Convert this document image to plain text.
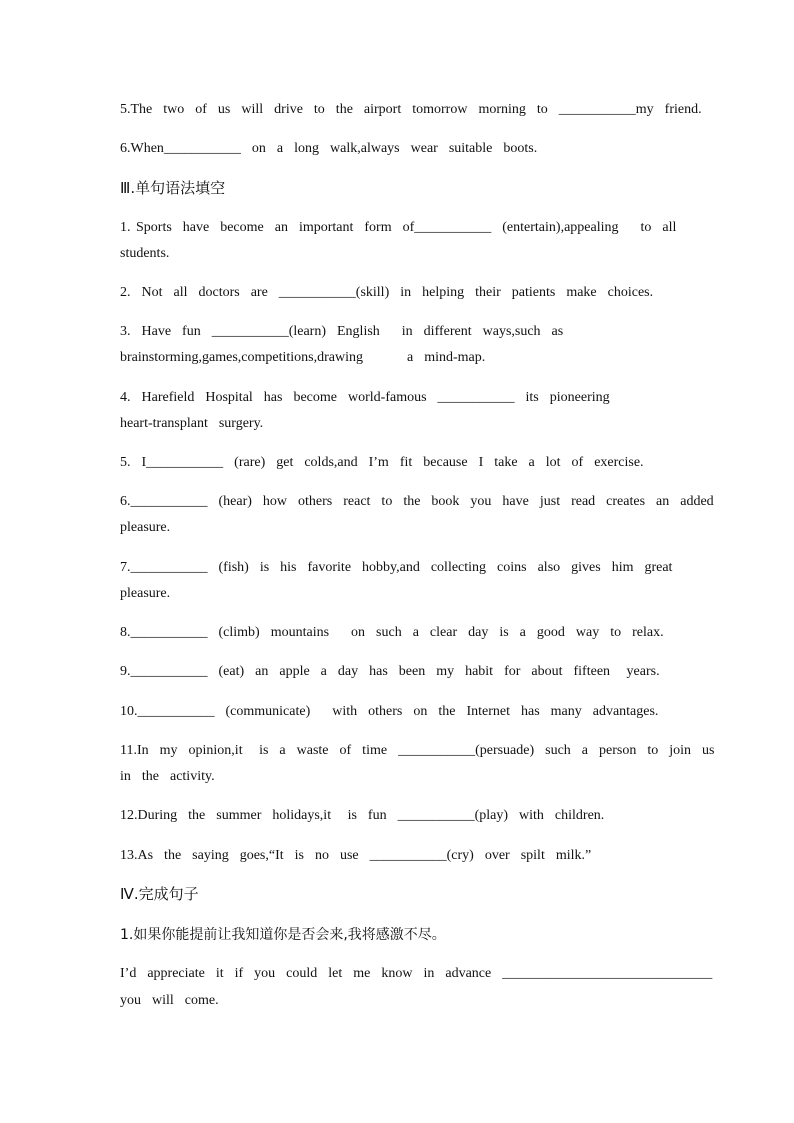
5.The  two  of  us  will  drive  to  the  airport  tomorrow  morning  to  ___________my  friend.
6.When___________  on  a  long  walk,always  wear  suitable  boots.
Ⅲ.单句语法填空
1. Sports  have  become  an  important  form  of___________  (entertain),appealing    to  all
students.
2.  Not  all  doctors  are  ___________(skill)  in  helping  their  patients  make  choices.
3.  Have  fun  ___________(learn)  English    in  different  ways,such  as
brainstorming,games,competitions,drawing        a  mind-map.
4.  Harefield  Hospital  has  become  world-famous  ___________  its  pioneering
heart-transplant  surgery.
5.  I___________  (rare)  get  colds,and  I’m  fit  because  I  take  a  lot  of  exercise.
6.___________  (hear)  how  others  react  to  the  book  you  have  just  read  creates  an  added
pleasure.
7.___________  (fish)  is  his  favorite  hobby,and  collecting  coins  also  gives  him  great
pleasure.
8.___________  (climb)  mountains    on  such  a  clear  day  is  a  good  way  to  relax.
9.___________  (eat)  an  apple  a  day  has  been  my  habit  for  about  fifteen   years.
10.___________  (communicate)    with  others  on  the  Internet  has  many  advantages.
11.In  my  opinion,it   is  a  waste  of  time  ___________(persuade)  such  a  person  to  join  us
in  the  activity.
12.During  the  summer  holidays,it   is  fun  ___________(play)  with  children.
13.As  the  saying  goes,“It  is  no  use  ___________(cry)  over  spilt  milk.”
Ⅳ.完成句子
1.如果你能提前让我知道你是否会来,我将感激不尽。
I’d  appreciate  it  if  you  could  let  me  know  in  advance  ______________________________
you  will  come.
